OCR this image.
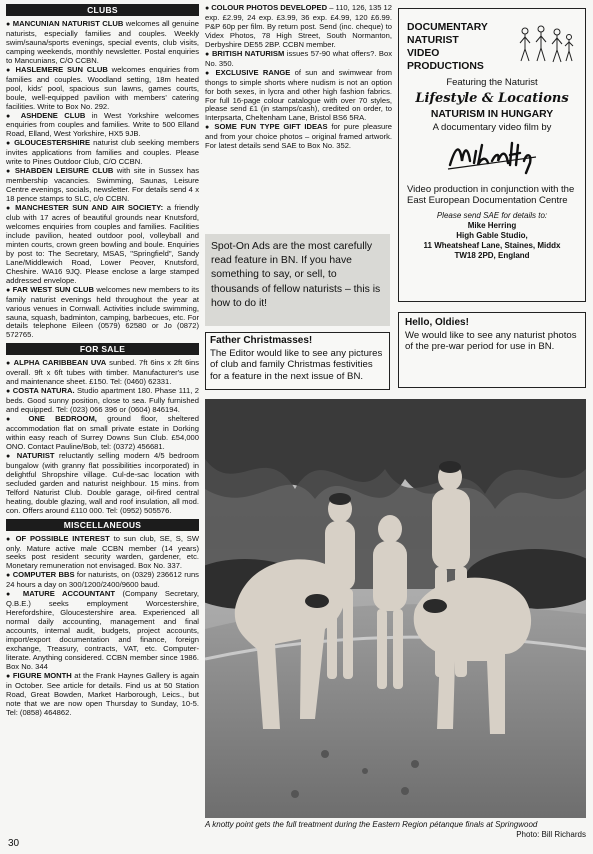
CLUBS

● MANCUNIAN NATURIST CLUB welcomes all genuine naturists, especially families and couples. Weekly swim/sauna/sports evenings, special events, club visits, camping weekends, monthly newsletter. Postal enquiries to Mancunians, C/O CCBN.

● HASLEMERE SUN CLUB welcomes enquiries from families and couples. Woodland setting, 18m heated pool, kids' pool, spacious sun lawns, games courts, boule, well-equipped pavilion with members' catering facilities. Write to Box No. 292.

● ASHDENE CLUB in West Yorkshire welcomes enquiries from couples and families. Write to 500 Elland Road, Elland, West Yorkshire, HX5 9JB.

● GLOUCESTERSHIRE naturist club seeking members invites applications from families and couples. Please write to Pines Outdoor Club, C/O CCBN.

● SHABDEN LEISURE CLUB with site in Sussex has membership vacancies. Swimming, Saunas, Leisure Centre evenings, socials, newsletter. For details send 4 x 18 pence stamps to SLC, c/o CCBN.

● MANCHESTER SUN AND AIR SOCIETY: a friendly club with 17 acres of beautiful grounds near Knutsford, welcomes enquiries from couples and families. Facilities include pavilion, heated outdoor pool, volleyball and minten courts, crown green bowling and boule. Enquiries by post to: The Secretary, MSAS, "Springfield", Sandy Lane/Middlewich Road, Lower Peover, Knutsford, Cheshire. WA16 9JQ. Please enclose a large stamped addressed envelope.

● FAR WEST SUN CLUB welcomes new members to its family naturist evenings held throughout the year at various venues in Cornwall. Activities include swimming, sauna, squash, badminton, camping, barbecues, etc. For details telephone Eileen (0579) 62580 or Jo (0872) 572765.

FOR SALE

● ALPHA CARIBBEAN UVA sunbed. 7ft 6ins x 2ft 6ins overall. 9ft x 6ft tubes with timber. Manufacturer's use and maintenance sheet. £150. Tel: (0460) 62331.

● COSTA NATURA. Studio apartment 180. Phase 111, 2 beds. Good sunny position, close to sea. Fully furnished and equipped. Tel: (023) 066 396 or (0604) 846194.

● ONE BEDROOM, ground floor, sheltered accommodation flat on small private estate in Dorking within easy reach of Surrey Downs Sun Club. £54,000 ONO. Contact Pauline/Bob, tel: (0372) 456681.

● NATURIST reluctantly selling modern 4/5 bedroom bungalow (with granny flat possibilities incorporated) in delightful Shropshire village. Cul-de-sac location with secluded garden and naturist neighbour. 15 mins. from Telford Naturist Club. Double garage, oil-fired central heating, double glazing, wall and roof insulation, all mod. con. Offers around £110 000. Tel: (0952) 505576.

MISCELLANEOUS

● OF POSSIBLE INTEREST to sun club, SE, S, SW only. Mature active male CCBN member (14 years) seeks post resident security warden, gardener, etc. Monetary remuneration not envisaged. Box No. 337.

● COMPUTER BBS for naturists, on (0329) 236612 runs 24 hours a day on 300/1200/2400/9600 baud.

● MATURE ACCOUNTANT (Company Secretary, Q.B.E.) seeks employment Worcestershire, Herefordshire, Gloucestershire area. Experienced all normal daily accounting, management and final accounts, internal audit, budgets, project accounts, import/export documentation and finance, foreign exchange, Treasury, contracts, VAT, etc. Computer-literate. Anything considered. CCBN member since 1986. Box No. 344

● FIGURE MONTH at the Frank Haynes Gallery is again in October. See article for details. Find us at 50 Station Road, Great Bowden, Market Harborough, Leics., but note that we are now open Thursday to Sunday, 10-5. Tel: (0858) 464862.

● COLOUR PHOTOS DEVELOPED – 110, 126, 135 12 exp. £2.99, 24 exp. £3.99, 36 exp. £4.99, 120 £6.99. P&P 60p per film. By return post. Send (inc. cheque) to Videx Photos, 78 High Street, South Normanton, Derbyshire DE55 2BP. CCBN member.

● BRITISH NATURISM issues 57-90 what offers?. Box No. 350.

● EXCLUSIVE RANGE of sun and swimwear from thongs to simple shorts where nudism is not an option for both sexes, in lycra and other high fashion fabrics. For full 16-page colour catalogue with over 70 styles, please send £1 (in stamps/cash), credited on order, to Interpsarta, Cheltenham Lane, Bristol BS6 5RA.

● SOME FUN TYPE GIFT IDEAS for pure pleasure and from your choice photos – original framed artwork. For latest details send SAE to Box No. 352.

Spot-On Ads are the most carefully read feature in BN. If you have something to say, or sell, to thousands of fellow naturists – this is how to do it!
Father Christmasses!
The Editor would like to see any pictures of club and family Christmas festivities for a feature in the next issue of BN.
DOCUMENTARY
NATURIST
VIDEO
PRODUCTIONS
Featuring the Naturist
Lifestyle & Locations
NATURISM IN HUNGARY
A documentary video film by
Video production in conjunction with the East European Documentation Centre
Please send SAE for details to:
Mike Herring
High Gable Studio,
11 Wheatsheaf Lane, Staines, Middx
TW18 2PD, England
Hello, Oldies!
We would like to see any naturist photos of the pre-war period for use in BN.
A knotty point gets the full treatment during the Eastern Region pétanque finals at Springwood
Photo: Bill Richards
30
